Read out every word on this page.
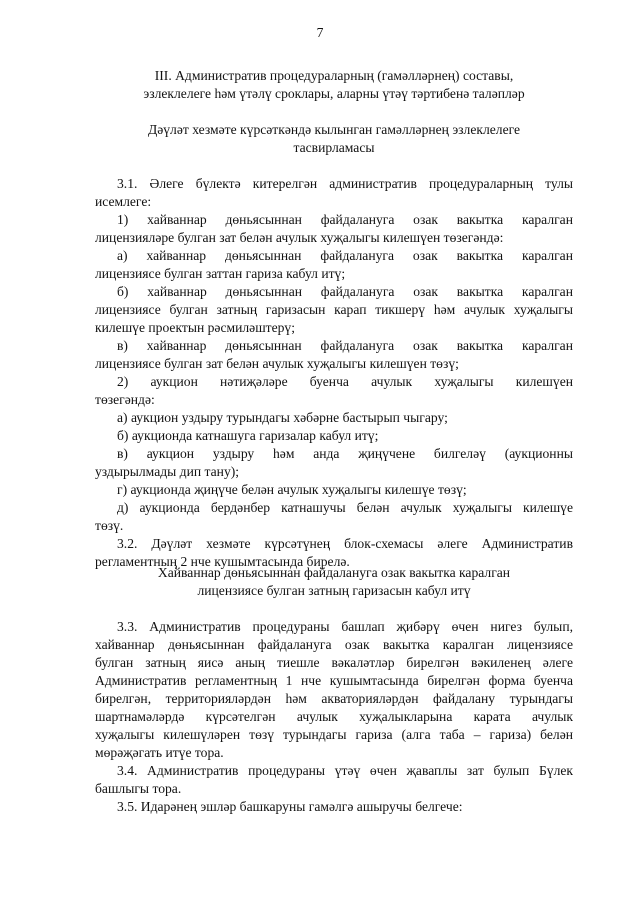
7
III. Административ процедураларның (гамәлләрнең) составы,
эзлеклелеге һәм үтәлү сроклары, аларны үтәү тәртибенә таләпләр
Дәүләт хезмәте күрсәткәндә кылынган гамәлләрнең эзлеклелеге
тасвирламасы

3.1. Әлеге бүлектә китерелгән административ процедураларның тулы
исемлеге:

1) хайваннар дөньясыннан файдалануга озак вакытка каралган
лицензияләре булган зат белән ачулык хуҗалыгы килешүен төзегәндә:

а) хайваннар дөньясыннан файдалануга озак вакытка каралган
лицензиясе булган заттан гариза кабул итү;

б) хайваннар дөньясыннан файдалануга озак вакытка каралган
лицензиясе булган затның гаризасын карап тикшерү һәм ачулык хуҗалыгы
килешүе проектын рәсмиләштерү;

в) хайваннар дөньясыннан файдалануга озак вакытка каралган
лицензиясе булган зат белән ачулык хуҗалыгы килешүен төзү;

2) аукцион нәтиҗәләре буенча ачулык хуҗалыгы килешүен
төзегәндә:

а) аукцион уздыру турындагы хәбәрне бастырып чыгару;

б) аукционда катнашуга гаризалар кабул итү;

в) аукцион уздыру һәм анда җиңүчене билгеләү (аукционны
уздырылмады дип тану);

г) аукционда җиңүче белән ачулык хуҗалыгы килешүе төзү;

д) аукционда бердәнбер катнашучы белән ачулык хуҗалыгы килешүе
төзү.

3.2. Дәүләт хезмәте күрсәтүнең блок-схемасы әлеге Административ
регламентның 2 нче кушымтасында бирелә.

Хайваннар дөньясыннан файдалануга озак вакытка каралган
лицензиясе булган затның гаризасын кабул итү

3.3. Административ процедураны башлап җибәрү өчен нигез булып,
хайваннар дөньясыннан файдалануга озак вакытка каралган лицензиясе
булган затның яисә аның тиешле вәкаләтләр бирелгән вәкиленең әлеге
Административ регламентның 1 нче кушымтасында бирелгән форма буенча
бирелгән, территорияләрдән һәм акваторияләрдән файдалану турындагы
шартнамәләрдә күрсәтелгән ачулык хуҗалыкларына карата ачулык
хуҗалыгы килешүләрен төзү турындагы гариза (алга таба – гариза) белән
мөрәҗәгать итүе тора.

3.4. Административ процедураны үтәү өчен җаваплы зат булып Бүлек
башлыгы тора.

3.5. Идарәнең эшләр башкаруны гамәлгә ашыручы белгече:
